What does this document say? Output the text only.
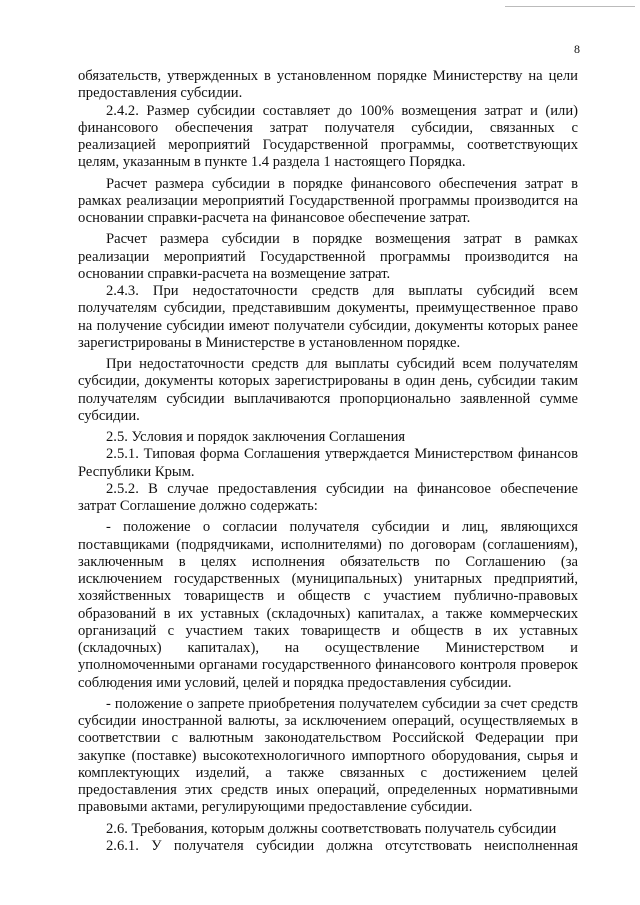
8

обязательств, утвержденных в установленном порядке Министерству на цели предоставления субсидии.

2.4.2. Размер субсидии составляет до 100% возмещения затрат и (или) финансового обеспечения затрат получателя субсидии, связанных с реализацией мероприятий Государственной программы, соответствующих целям, указанным в пункте 1.4 раздела 1 настоящего Порядка.

Расчет размера субсидии в порядке финансового обеспечения затрат в рамках реализации мероприятий Государственной программы производится на основании справки-расчета на финансовое обеспечение затрат.

Расчет размера субсидии в порядке возмещения затрат в рамках реализации мероприятий Государственной программы производится на основании справки-расчета на возмещение затрат.

2.4.3. При недостаточности средств для выплаты субсидий всем получателям субсидии, представившим документы, преимущественное право на получение субсидии имеют получатели субсидии, документы которых ранее зарегистрированы в Министерстве в установленном порядке.

При недостаточности средств для выплаты субсидий всем получателям субсидии, документы которых зарегистрированы в один день, субсидии таким получателям субсидии выплачиваются пропорционально заявленной сумме субсидии.

2.5. Условия и порядок заключения Соглашения

2.5.1. Типовая форма Соглашения утверждается Министерством финансов Республики Крым.

2.5.2. В случае предоставления субсидии на финансовое обеспечение затрат Соглашение должно содержать:

- положение о согласии получателя субсидии и лиц, являющихся поставщиками (подрядчиками, исполнителями) по договорам (соглашениям), заключенным в целях исполнения обязательств по Соглашению (за исключением государственных (муниципальных) унитарных предприятий, хозяйственных товариществ и обществ с участием публично-правовых образований в их уставных (складочных) капиталах, а также коммерческих организаций с участием таких товариществ и обществ в их уставных (складочных) капиталах), на осуществление Министерством и уполномоченными органами государственного финансового контроля проверок соблюдения ими условий, целей и порядка предоставления субсидии.

- положение о запрете приобретения получателем субсидии за счет средств субсидии иностранной валюты, за исключением операций, осуществляемых в соответствии с валютным законодательством Российской Федерации при закупке (поставке) высокотехнологичного импортного оборудования, сырья и комплектующих изделий, а также связанных с достижением целей предоставления этих средств иных операций, определенных нормативными правовыми актами, регулирующими предоставление субсидии.

2.6. Требования, которым должны соответствовать получатель субсидии

2.6.1. У получателя субсидии должна отсутствовать неисполненная
